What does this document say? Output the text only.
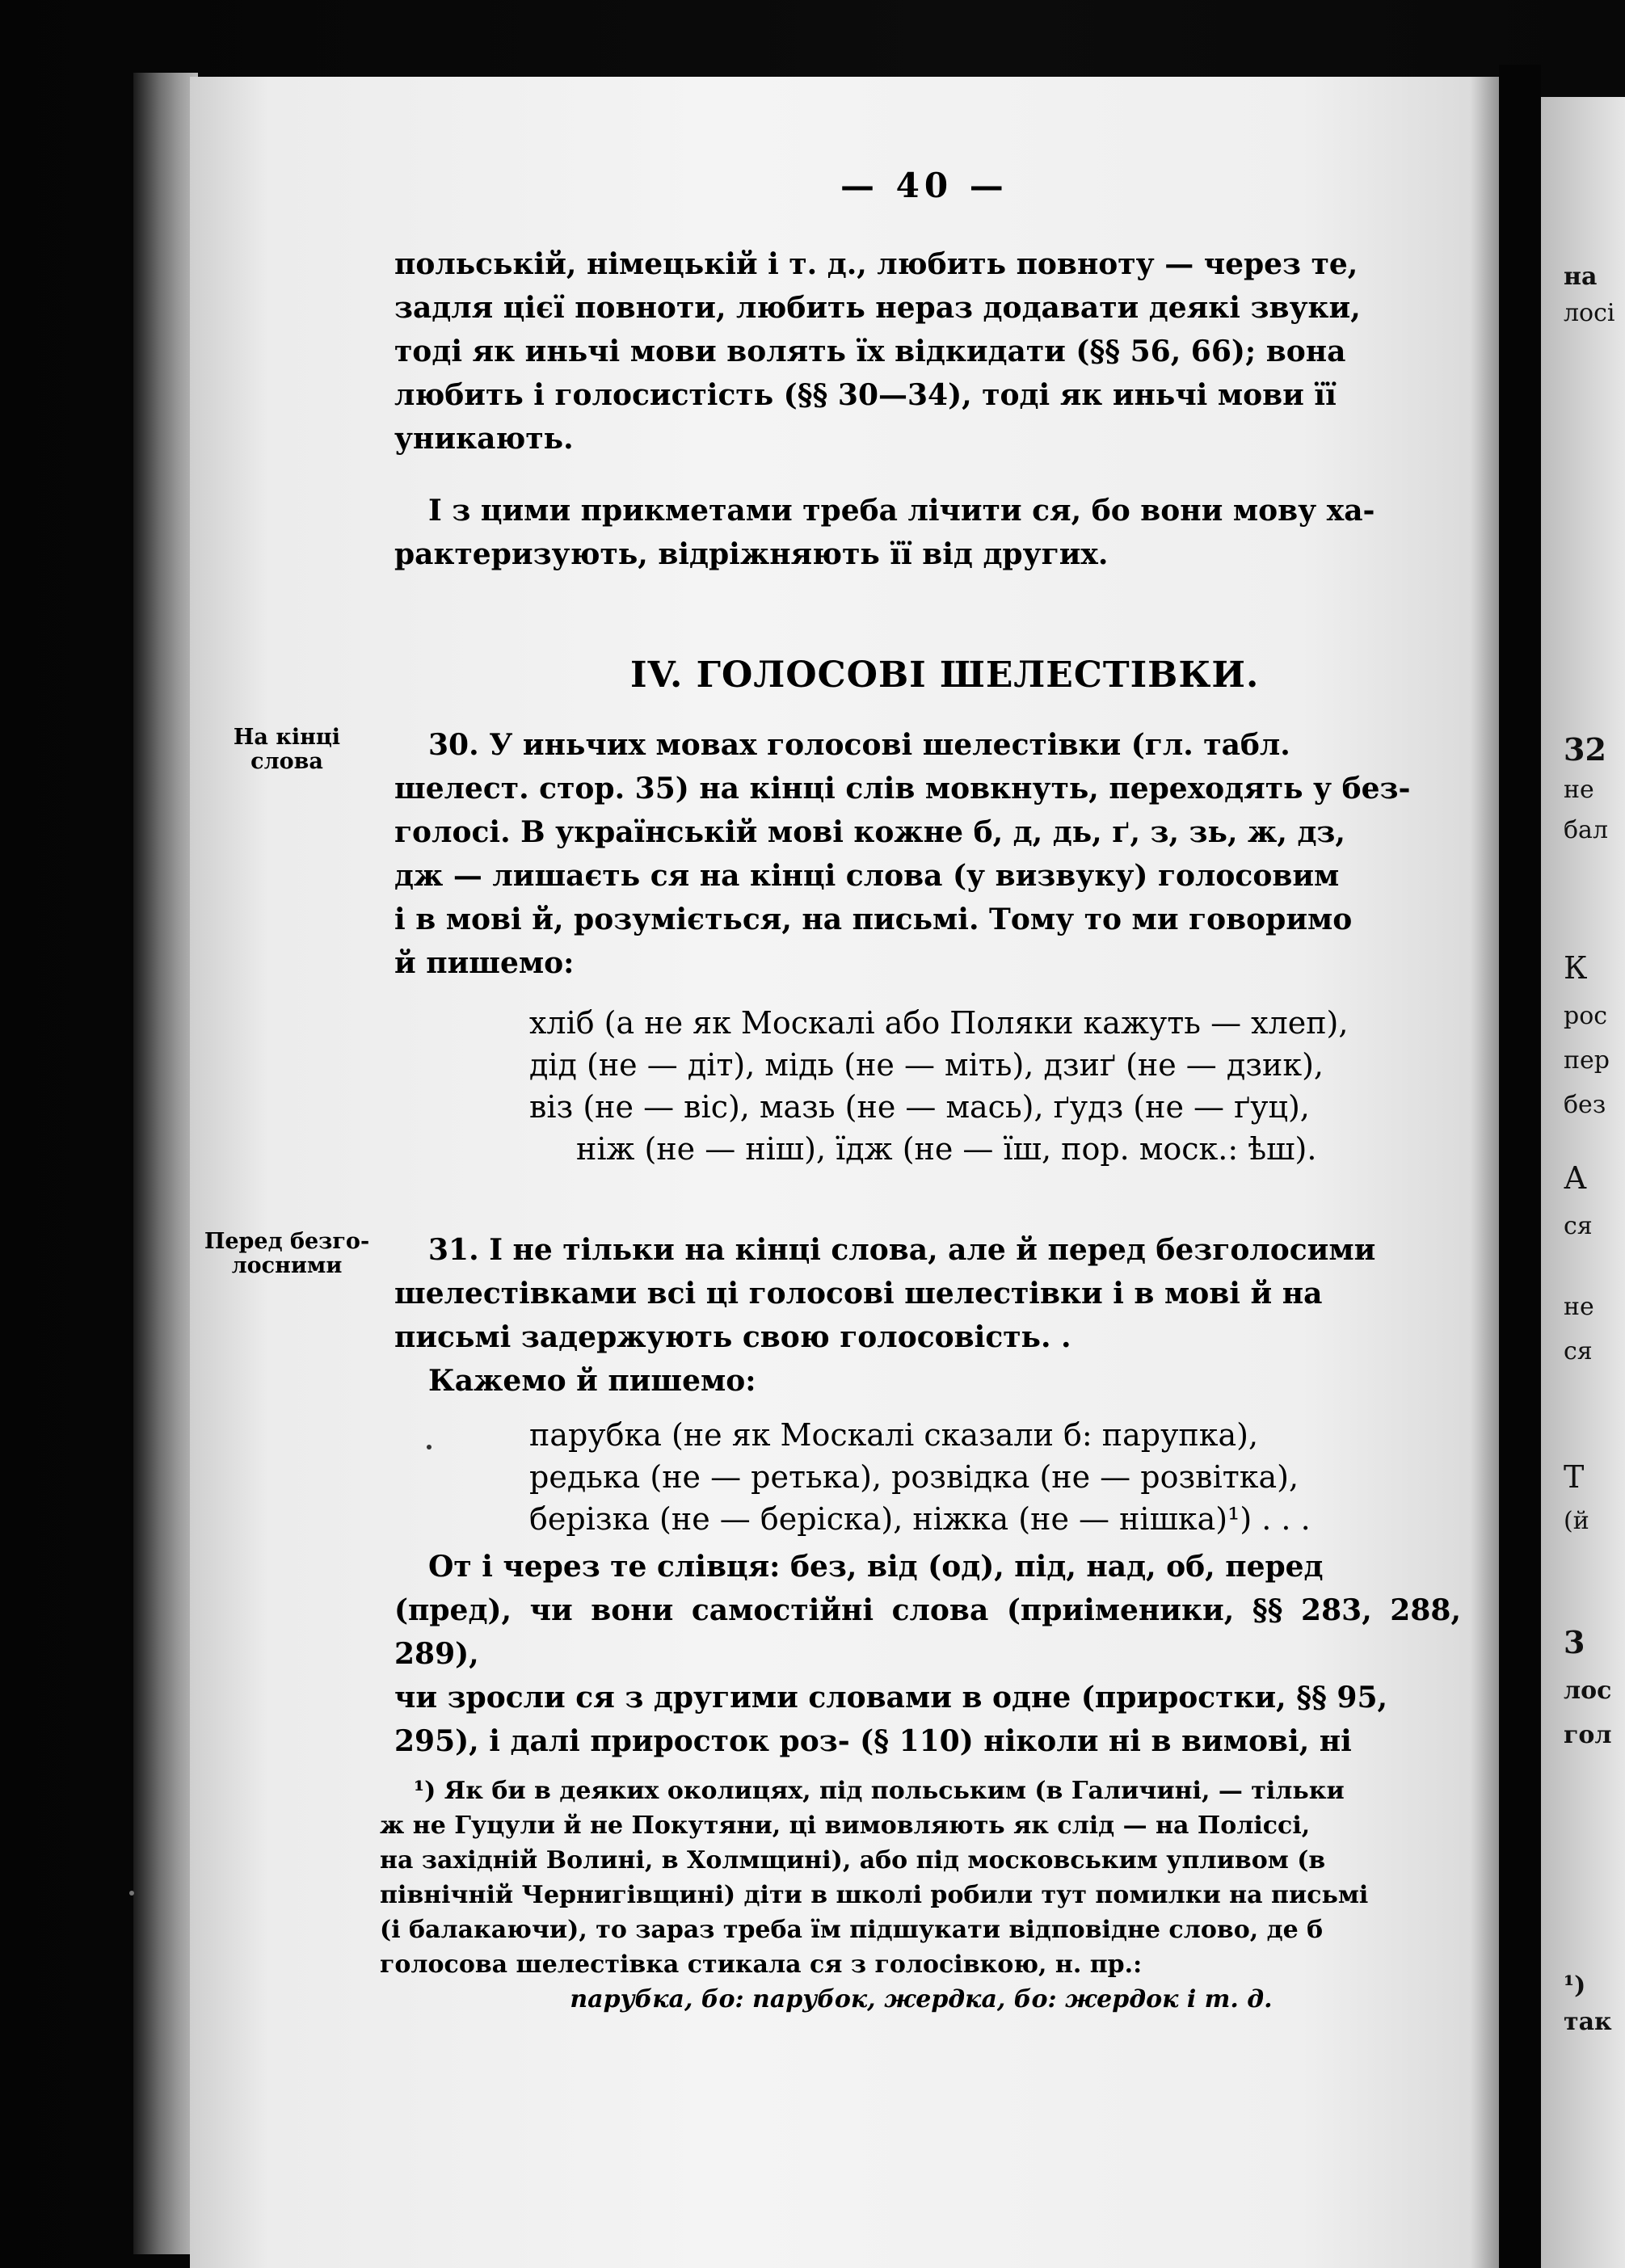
на
лосі
32
не
бал
К
рос
пер
без
А
ся
не
ся
Т
(й
3
лос
гол
¹)
так
— 40 —
польській, німецькій і т. д., любить повноту — через те,
задля цієї повноти, любить нераз додавати деякі звуки,
тоді як иньчі мови волять їх відкидати (§§ 56, 66); вона
любить і голосистість (§§ 30—34), тоді як иньчі мови її
уникають.
І з цими прикметами треба лічити ся, бо вони мову ха-
рактеризують, відріжняють її від других.
IV. ГОЛОСОВІ ШЕЛЕСТІВКИ.
На кінці
слова	30. У иньчих мовах голосові шелестівки (гл. табл.
шелест. стор. 35) на кінці слів мовкнуть, переходять у без-
голосі. В українській мові кожне б, д, дь, ґ, з, зь, ж, дз,
дж — лишаєть ся на кінці слова (у визвуку) голосовим
і в мові й, розуміється, на письмі. Тому то ми говоримо
й пишемо:
хліб (а не як Москалі або Поляки кажуть — хлеп),
дід (не — діт), мідь (не — міть), дзиґ (не — дзик),
віз (не — віс), мазь (не — мась), ґудз (не — ґуц),
ніж (не — ніш), їдж (не — їш, пор. моск.: ѣш).
Перед безго-
лосними	31. І не тільки на кінці слова, але й перед безголосими
шелестівками всі ці голосові шелестівки і в мові й на
письмі задержують свою голосовість. .
Кажемо й пишемо:
парубка (не як Москалі сказали б: парупка),
редька (не — ретька), розвідка (не — розвітка),
берізка (не — беріска), ніжка (не — нішка)¹) . . .
От і через те слівця: без, від (од), під, над, об, перед
(пред), чи вони самостійні слова (приіменики, §§ 283, 288, 289),
чи зросли ся з другими словами в одне (приростки, §§ 95,
295), і далі приросток роз- (§ 110) ніколи ні в вимові, ні
¹) Як би в деяких околицях, під польським (в Галичині, — тільки
ж не Гуцули й не Покутяни, ці вимовляють як слід — на Поліссі,
на західній Волині, в Холмщині), або під московським упливом (в
північній Чернигівщині) діти в школі робили тут помилки на письмі
(і балакаючи), то зараз треба їм підшукати відповідне слово, де б
голосова шелестівка стикала ся з голосівкою, н. пр.:
парубка, бо: парубок, жердка, бо: жердок і т. д.
